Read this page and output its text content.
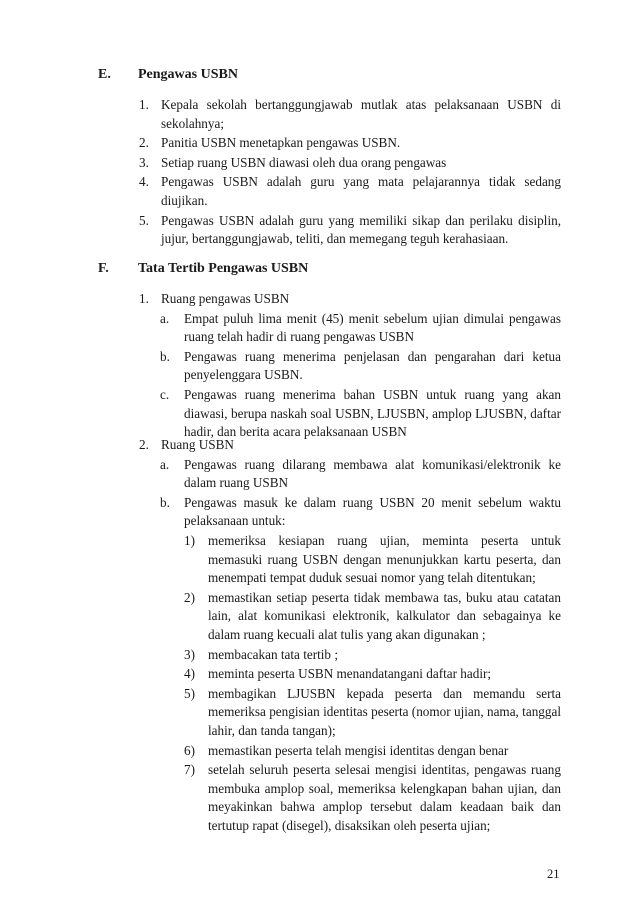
E. Pengawas USBN
1. Kepala sekolah bertanggungjawab mutlak atas pelaksanaan USBN di sekolahnya;
2. Panitia USBN menetapkan pengawas USBN.
3. Setiap ruang USBN diawasi oleh dua orang pengawas
4. Pengawas USBN adalah guru yang mata pelajarannya tidak sedang diujikan.
5. Pengawas USBN adalah guru yang memiliki sikap dan perilaku disiplin, jujur, bertanggungjawab, teliti, dan memegang teguh kerahasiaan.
F. Tata Tertib Pengawas USBN
1. Ruang pengawas USBN
a.	Empat puluh lima menit (45) menit sebelum ujian dimulai pengawas ruang telah hadir di ruang pengawas USBN
b.	Pengawas ruang menerima penjelasan dan pengarahan dari ketua penyelenggara USBN.
c.	Pengawas ruang menerima bahan USBN untuk ruang yang akan diawasi, berupa naskah soal USBN, LJUSBN, amplop LJUSBN, daftar hadir, dan berita acara pelaksanaan USBN
2. Ruang USBN
a.	Pengawas ruang dilarang membawa alat komunikasi/elektronik ke dalam ruang USBN
b.	Pengawas masuk ke dalam ruang USBN 20 menit sebelum waktu pelaksanaan untuk:
1) memeriksa kesiapan ruang ujian, meminta peserta untuk memasuki ruang USBN dengan menunjukkan kartu peserta, dan menempati tempat duduk sesuai nomor yang telah ditentukan;
2) memastikan setiap peserta tidak membawa tas, buku atau catatan lain, alat komunikasi elektronik, kalkulator dan sebagainya ke dalam ruang kecuali alat tulis yang akan digunakan ;
3) membacakan tata tertib ;
4) meminta peserta USBN menandatangani daftar hadir;
5) membagikan LJUSBN kepada peserta dan memandu serta memeriksa pengisian identitas peserta (nomor ujian, nama, tanggal lahir, dan tanda tangan);
6) memastikan peserta telah mengisi identitas dengan benar
7) setelah seluruh peserta selesai mengisi identitas, pengawas ruang membuka amplop soal, memeriksa kelengkapan bahan ujian, dan meyakinkan bahwa amplop tersebut dalam keadaan baik dan tertutup rapat (disegel), disaksikan oleh peserta ujian;
21
